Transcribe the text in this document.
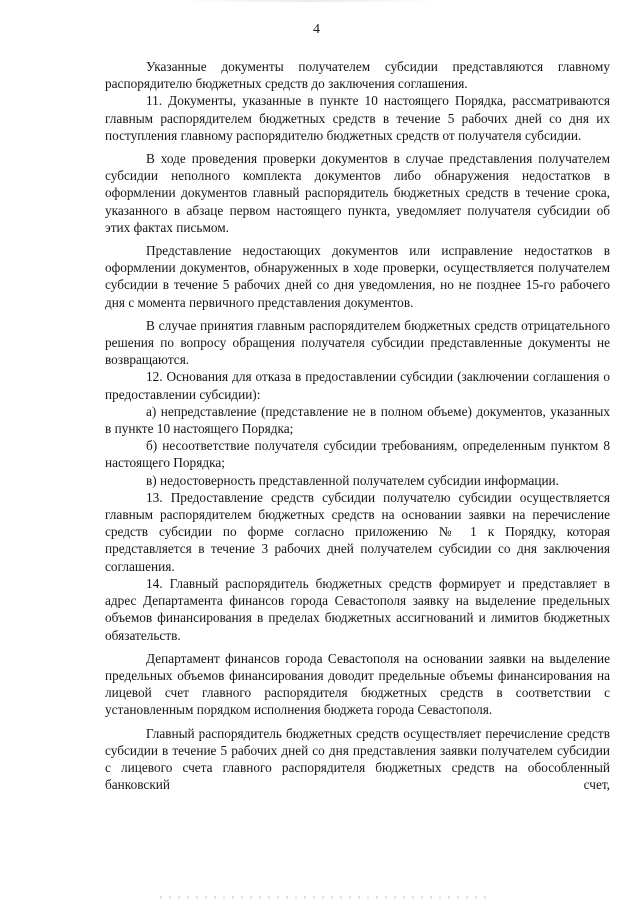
4

Указанные документы получателем субсидии представляются главному распорядителю бюджетных средств до заключения соглашения.

11. Документы, указанные в пункте 10 настоящего Порядка, рассматриваются главным распорядителем бюджетных средств в течение 5 рабочих дней со дня их поступления главному распорядителю бюджетных средств от получателя субсидии.

В ходе проведения проверки документов в случае представления получателем субсидии неполного комплекта документов либо обнаружения недостатков в оформлении документов главный распорядитель бюджетных средств в течение срока, указанного в абзаце первом настоящего пункта, уведомляет получателя субсидии об этих фактах письмом.

Представление недостающих документов или исправление недостатков в оформлении документов, обнаруженных в ходе проверки, осуществляется получателем субсидии в течение 5 рабочих дней со дня уведомления, но не позднее 15-го рабочего дня с момента первичного представления документов.

В случае принятия главным распорядителем бюджетных средств отрицательного решения по вопросу обращения получателя субсидии представленные документы не возвращаются.

12. Основания для отказа в предоставлении субсидии (заключении соглашения о предоставлении субсидии):

а) непредставление (представление не в полном объеме) документов, указанных в пункте 10 настоящего Порядка;

б) несоответствие получателя субсидии требованиям, определенным пунктом 8 настоящего Порядка;

в) недостоверность представленной получателем субсидии информации.

13. Предоставление средств субсидии получателю субсидии осуществляется главным распорядителем бюджетных средств на основании заявки на перечисление средств субсидии по форме согласно приложению № 1 к Порядку, которая представляется в течение 3 рабочих дней получателем субсидии со дня заключения соглашения.

14. Главный распорядитель бюджетных средств формирует и представляет в адрес Департамента финансов города Севастополя заявку на выделение предельных объемов финансирования в пределах бюджетных ассигнований и лимитов бюджетных обязательств.

Департамент финансов города Севастополя на основании заявки на выделение предельных объемов финансирования доводит предельные объемы финансирования на лицевой счет главного распорядителя бюджетных средств в соответствии с установленным порядком исполнения бюджета города Севастополя.

Главный распорядитель бюджетных средств осуществляет перечисление средств субсидии в течение 5 рабочих дней со дня представления заявки получателем субсидии с лицевого счета главного распорядителя бюджетных средств на обособленный банковский счет,
